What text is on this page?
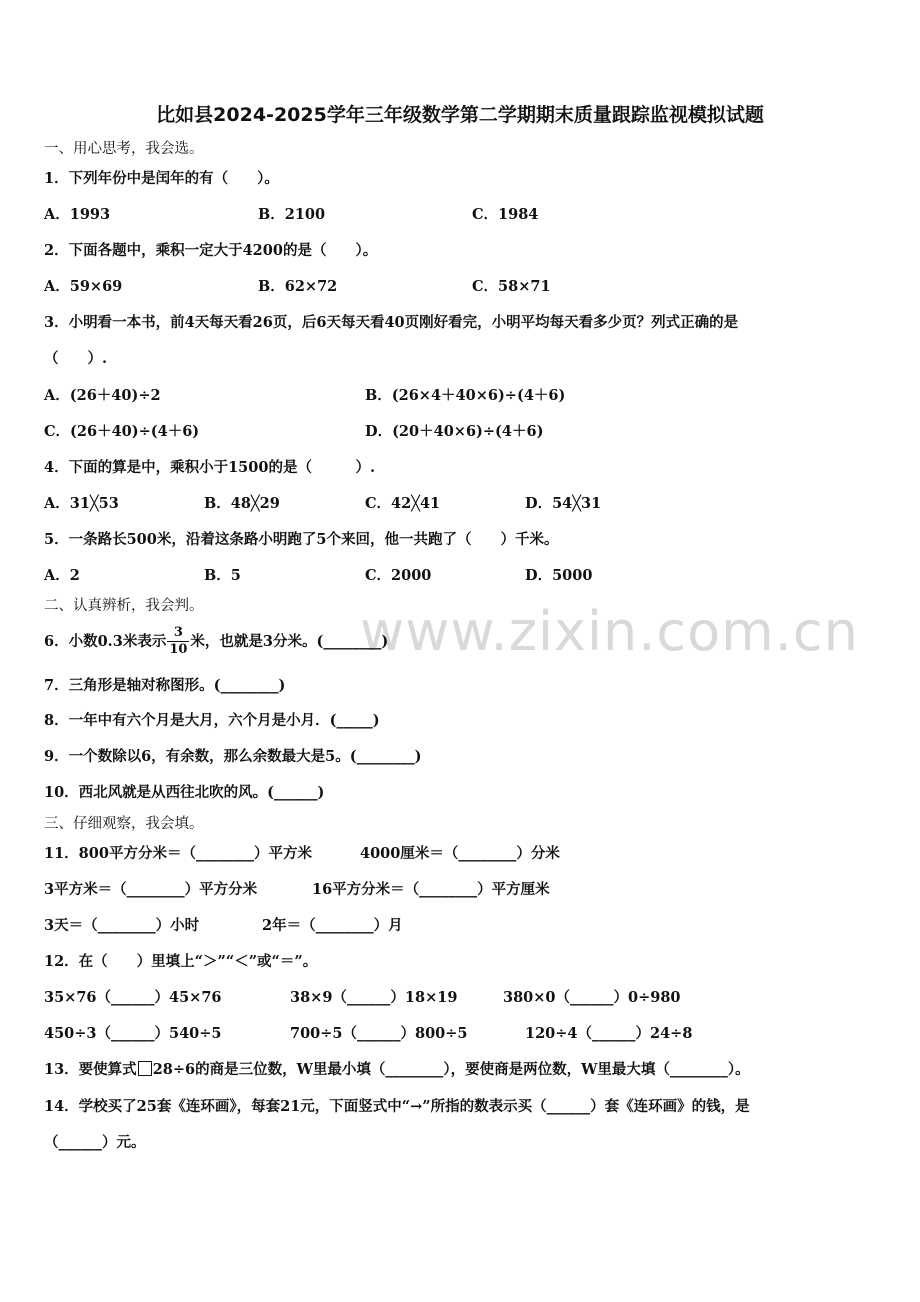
www.zixin.com.cn
比如县2024-2025学年三年级数学第二学期期末质量跟踪监视模拟试题
一、用心思考，我会选。
1．下列年份中是闰年的有（　　）。
A．1993	B．2100	C．1984
2．下面各题中，乘积一定大于4200的是（　　）。
A．59×69	B．62×72	C．58×71
3．小明看一本书，前4天每天看26页，后6天每天看40页刚好看完，小明平均每天看多少页？列式正确的是
（　　）.
A．(26＋40)÷2	B．(26×4＋40×6)÷(4＋6)
C．(26＋40)÷(4＋6)	D．(20＋40×6)÷(4＋6)
4．下面的算是中，乘积小于1500的是（　　　）.
A．31╳53	B．48╳29	C．42╳41	D．54╳31
5．一条路长500米，沿着这条路小明跑了5个来回，他一共跑了（　　）千米。
A．2	B．5	C．2000	D．5000
二、认真辨析，我会判。
6．小数0.3米表示 $\frac{3}{10}$ 米，也就是3分米。(________)
7．三角形是轴对称图形。(________)
8．一年中有六个月是大月，六个月是小月．(_____)
9．一个数除以6，有余数，那么余数最大是5。(________)
10．西北风就是从西往北吹的风。(______)
三、仔细观察，我会填。
11．800平方分米＝（________）平方米	4000厘米＝（________）分米
3平方米＝（________）平方分米	16平方分米＝（________）平方厘米
3天＝（________）小时	2年＝（________）月
12．在（　　）里填上“＞”“＜”或“＝”。
35×76（______）45×76	38×9（______）18×19	380×0（______）0÷980
450÷3（______）540÷5	700÷5（______）800÷5	120÷4（______）24÷8
13．要使算式 28÷6的商是三位数，W里最小填（________），要使商是两位数，W里最大填（________）。
14．学校买了25套《连环画》，每套21元，下面竖式中“→”所指的数表示买（______）套《连环画》的钱，是
（______）元。
